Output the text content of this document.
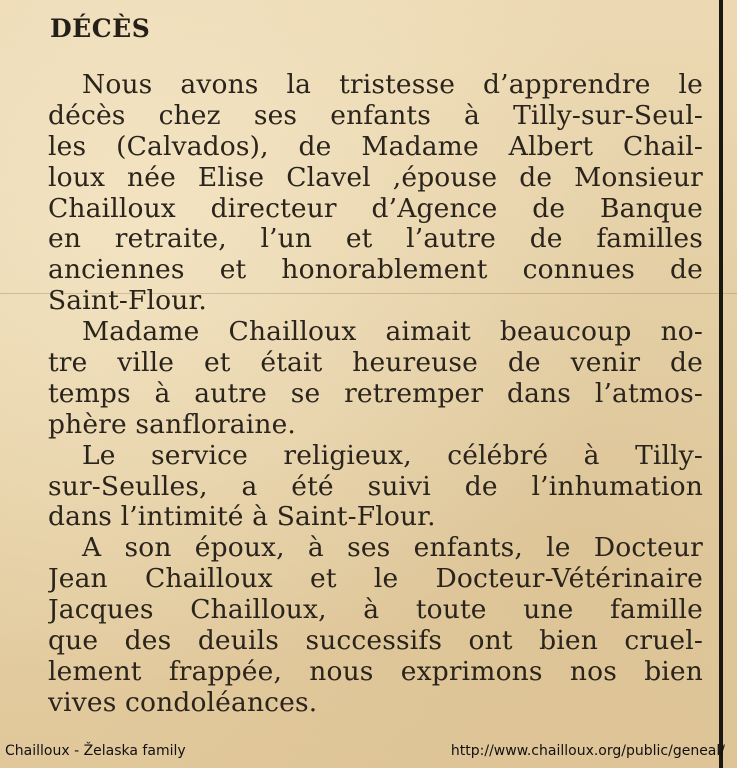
DÉCÈS
Nous avons la tristesse d’apprendre le
décès chez ses enfants à Tilly-sur-Seul-
les (Calvados), de Madame Albert Chail-
loux née Elise Clavel ,épouse de Monsieur
Chailloux directeur d’Agence de Banque
en retraite, l’un et l’autre de familles
anciennes et honorablement connues de
Saint-Flour.
Madame Chailloux aimait beaucoup no-
tre ville et était heureuse de venir de
temps à autre se retremper dans l’atmos-
phère sanfloraine.
Le service religieux, célébré à Tilly-
sur-Seulles, a été suivi de l’inhumation
dans l’intimité à Saint-Flour.
A son époux, à ses enfants, le Docteur
Jean Chailloux et le Docteur-Vétérinaire
Jacques Chailloux, à toute une famille
que des deuils successifs ont bien cruel-
lement frappée, nous exprimons nos bien
vives condoléances.
Chailloux - Želaska family	http://www.chailloux.org/public/geneal/
